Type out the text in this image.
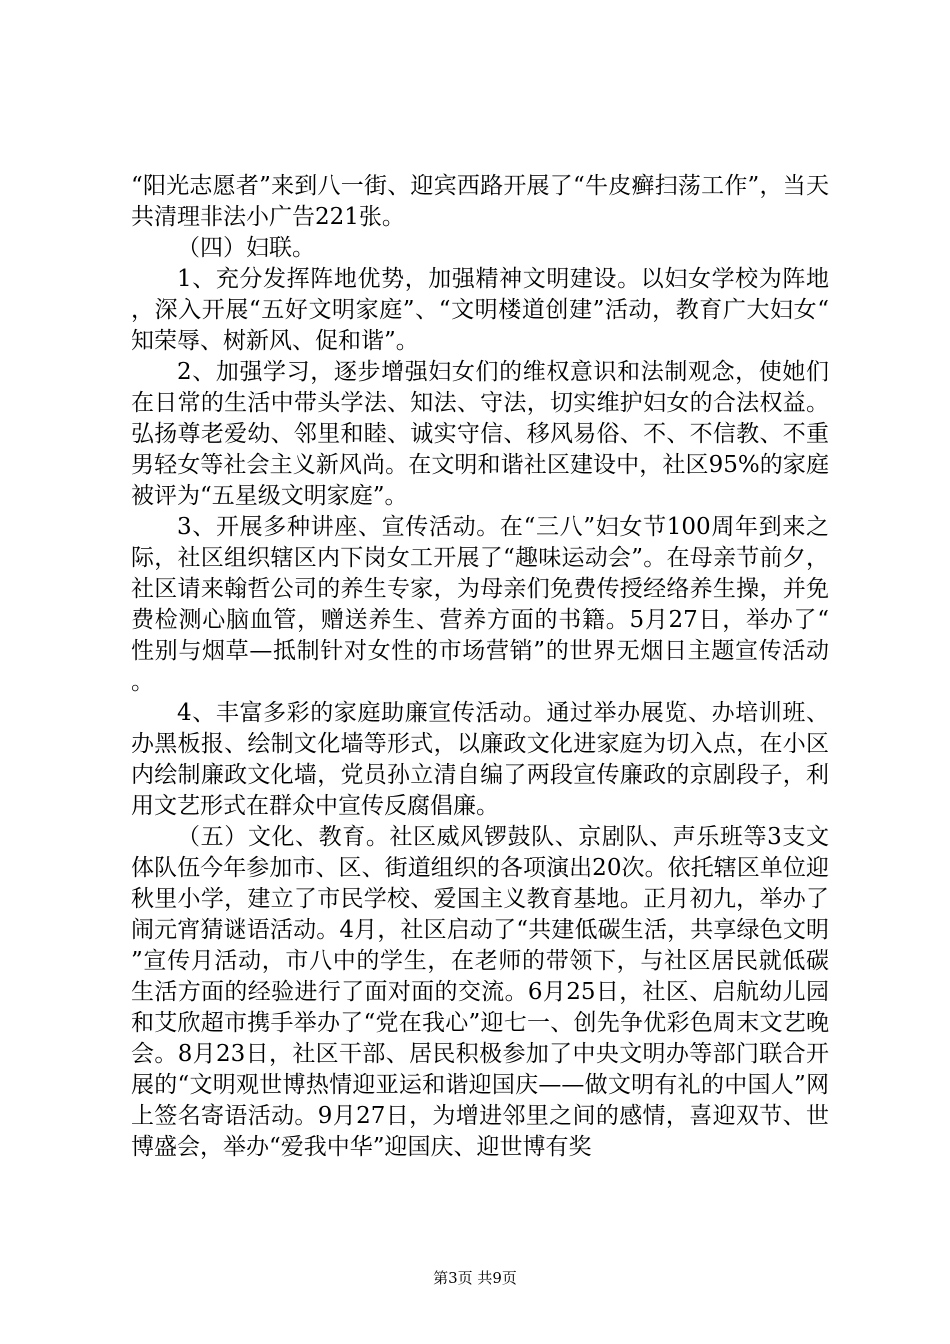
“阳光志愿者”来到八一街、迎宾西路开展了“牛皮癣扫荡工作”，当天共清理非法小广告221张。

（四）妇联。

1、充分发挥阵地优势，加强精神文明建设。以妇女学校为阵地，深入开展“五好文明家庭”、“文明楼道创建”活动，教育广大妇女“知荣辱、树新风、促和谐”。

2、加强学习，逐步增强妇女们的维权意识和法制观念，使她们在日常的生活中带头学法、知法、守法，切实维护妇女的合法权益。弘扬尊老爱幼、邻里和睦、诚实守信、移风易俗、不、不信教、不重男轻女等社会主义新风尚。在文明和谐社区建设中，社区95%的家庭被评为“五星级文明家庭”。

3、开展多种讲座、宣传活动。在“三八”妇女节100周年到来之际，社区组织辖区内下岗女工开展了“趣味运动会”。在母亲节前夕，社区请来翰哲公司的养生专家，为母亲们免费传授经络养生操，并免费检测心脑血管，赠送养生、营养方面的书籍。5月27日，举办了“性别与烟草—抵制针对女性的市场营销”的世界无烟日主题宣传活动。

4、丰富多彩的家庭助廉宣传活动。通过举办展览、办培训班、办黑板报、绘制文化墙等形式，以廉政文化进家庭为切入点，在小区内绘制廉政文化墙，党员孙立清自编了两段宣传廉政的京剧段子，利用文艺形式在群众中宣传反腐倡廉。

（五）文化、教育。社区威风锣鼓队、京剧队、声乐班等3支文体队伍今年参加市、区、街道组织的各项演出20次。依托辖区单位迎秋里小学，建立了市民学校、爱国主义教育基地。正月初九，举办了闹元宵猜谜语活动。4月，社区启动了“共建低碳生活，共享绿色文明”宣传月活动，市八中的学生，在老师的带领下，与社区居民就低碳生活方面的经验进行了面对面的交流。6月25日，社区、启航幼儿园和艾欣超市携手举办了“党在我心”迎七一、创先争优彩色周末文艺晚会。8月23日，社区干部、居民积极参加了中央文明办等部门联合开展的“文明观世博热情迎亚运和谐迎国庆——做文明有礼的中国人”网上签名寄语活动。9月27日，为增进邻里之间的感情，喜迎双节、世博盛会，举办“爱我中华”迎国庆、迎世博有奖

第3页 共9页
